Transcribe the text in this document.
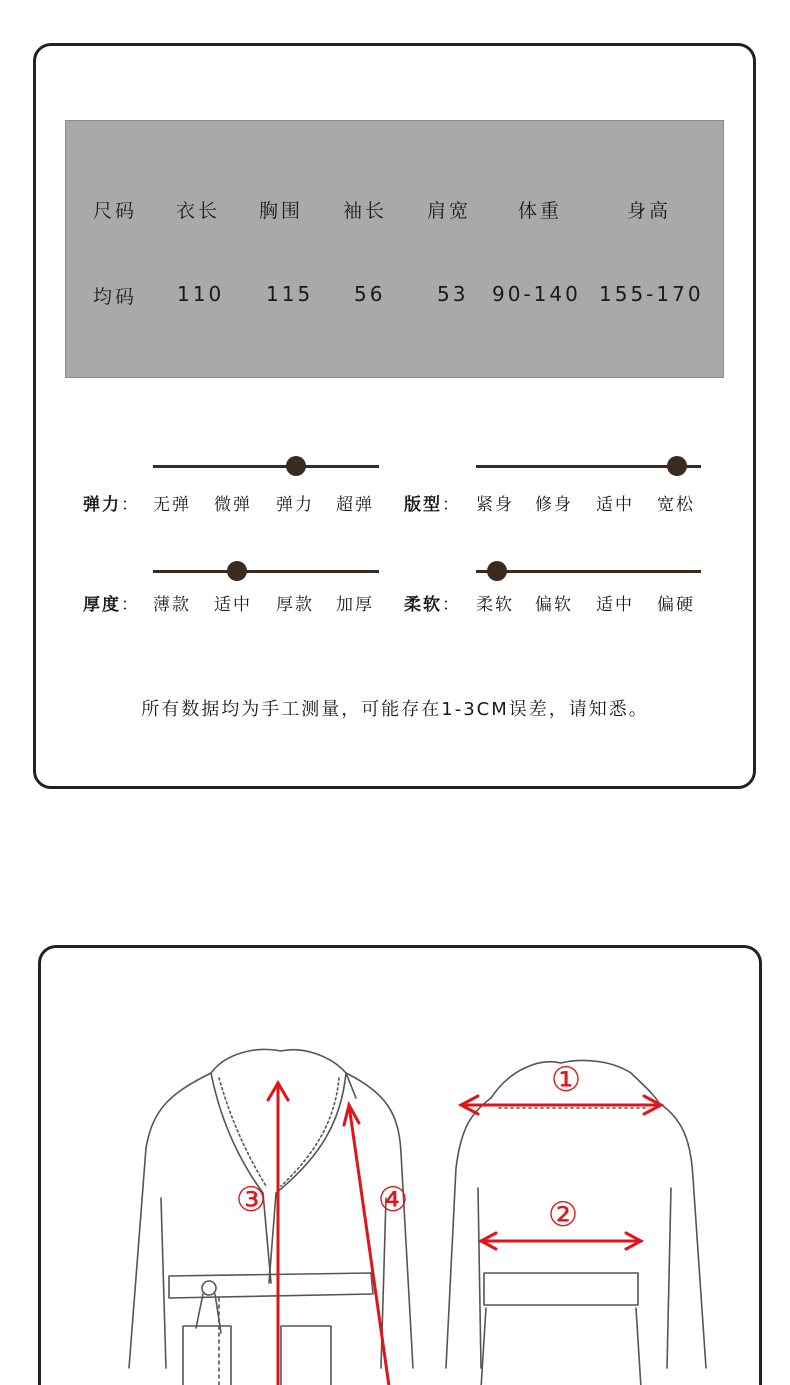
尺码 衣长 胸围 袖长 肩宽 体重	身高
均码 110 115 56	53 90-140 155-170
弹力： 无弹 微弹 弹力 超弹 版型： 紧身 修身 适中 宽松
厚度： 薄款 适中 厚款 加厚 柔软： 柔软 偏软 适中 偏硬
所有数据均为手工测量，可能存在1-3CM误差，请知悉。
①
②
③	④
